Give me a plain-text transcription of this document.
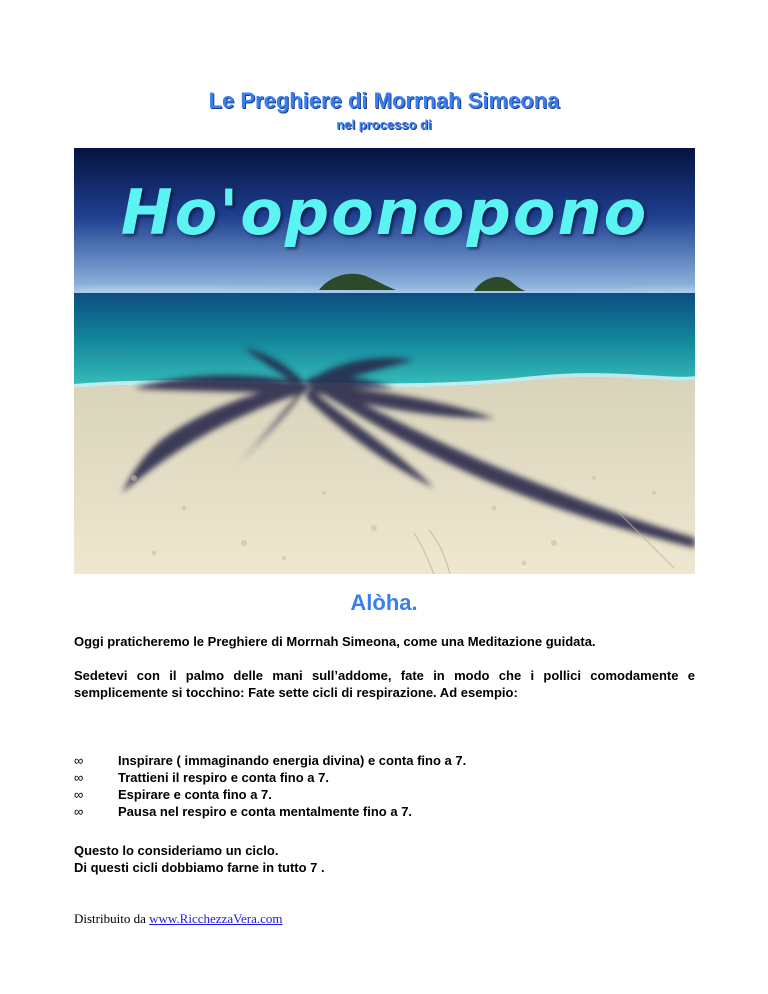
Le Preghiere di Morrnah Simeona
nel processo di
Ho'oponopono
Alòha.

Oggi praticheremo le Preghiere di Morrnah Simeona, come una Meditazione guidata.

Sedetevi con il palmo delle mani sull’addome, fate in modo che i pollici comodamente e semplicemente si tocchino: Fate sette cicli di respirazione. Ad esempio:

∞	Inspirare ( immaginando energia divina) e conta fino a 7.
∞	Trattieni il respiro e conta fino a 7.
∞	Espirare e conta fino a 7.
∞	Pausa nel respiro e conta mentalmente fino a 7.
Questo lo consideriamo un ciclo.
Di questi cicli dobbiamo farne in tutto 7 .
Distribuito da www.RicchezzaVera.com
